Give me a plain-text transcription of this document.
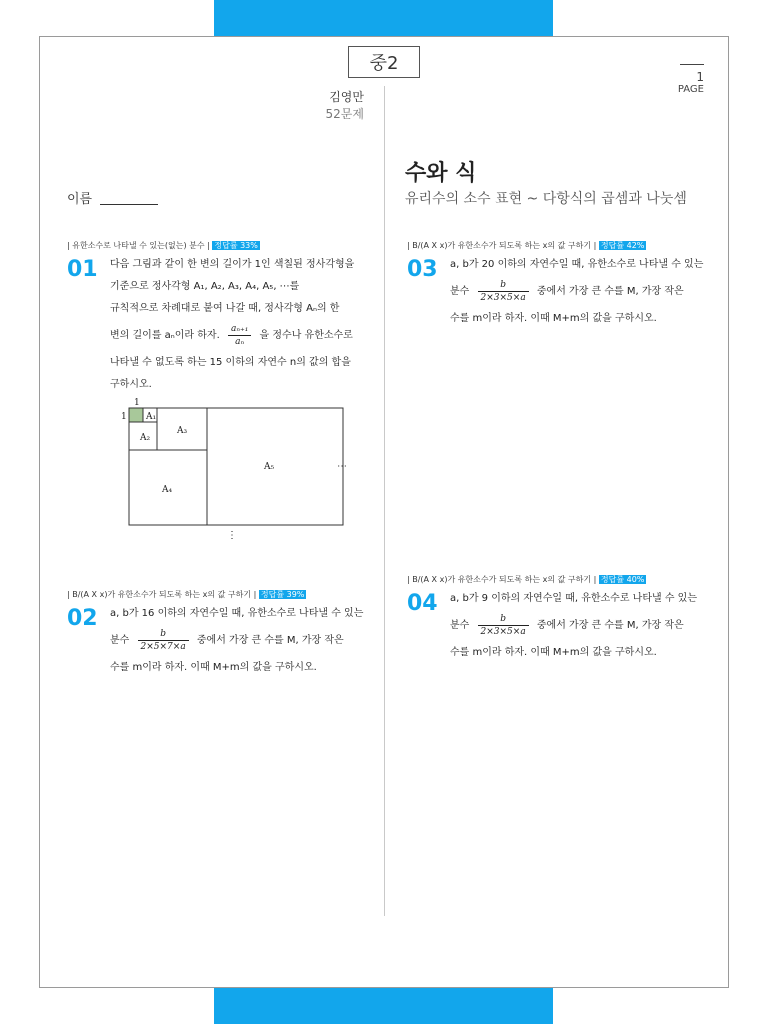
중2
1
PAGE
김영만
52문제
이름
수와 식
유리수의 소수 표현 ~ 다항식의 곱셈과 나눗셈
| 유한소수로 나타낼 수 있는(없는) 분수 | 정답률 33%
01 다음 그림과 같이 한 변의 길이가 1인 색칠된 정사각형을
기준으로 정사각형 A₁, A₂, A₃, A₄, A₅, ⋯를
규칙적으로 차례대로 붙여 나갈 때, 정사각형 Aₙ의 한
변의 길이를 aₙ이라 하자. $\frac{\text{aₙ₊₁}}{\text{aₙ}}$ 을 정수나 유한소수로
나타낼 수 없도록 하는 15 이하의 자연수 n의 값의 합을
구하시오.
1
1 A₁
A₂
A₃
A₄
A₅	⋯
⋮
| B/(A X x)가 유한소수가 되도록 하는 x의 값 구하기 | 정답률 39%
02 a, b가 16 이하의 자연수일 때, 유한소수로 나타낼 수 있는
분수 $\frac{b}{2\times 5\times 7\times a}$ 중에서 가장 큰 수를 M, 가장 작은
수를 m이라 하자. 이때 M+m의 값을 구하시오.
| B/(A X x)가 유한소수가 되도록 하는 x의 값 구하기 | 정답률 42%
03 a, b가 20 이하의 자연수일 때, 유한소수로 나타낼 수 있는
분수 $\frac{b}{2\times 3\times 5\times a}$ 중에서 가장 큰 수를 M, 가장 작은
수를 m이라 하자. 이때 M+m의 값을 구하시오.
| B/(A X x)가 유한소수가 되도록 하는 x의 값 구하기 | 정답률 40%
04 a, b가 9 이하의 자연수일 때, 유한소수로 나타낼 수 있는
분수 $\frac{b}{2\times 3\times 5\times a}$ 중에서 가장 큰 수를 M, 가장 작은
수를 m이라 하자. 이때 M+m의 값을 구하시오.
